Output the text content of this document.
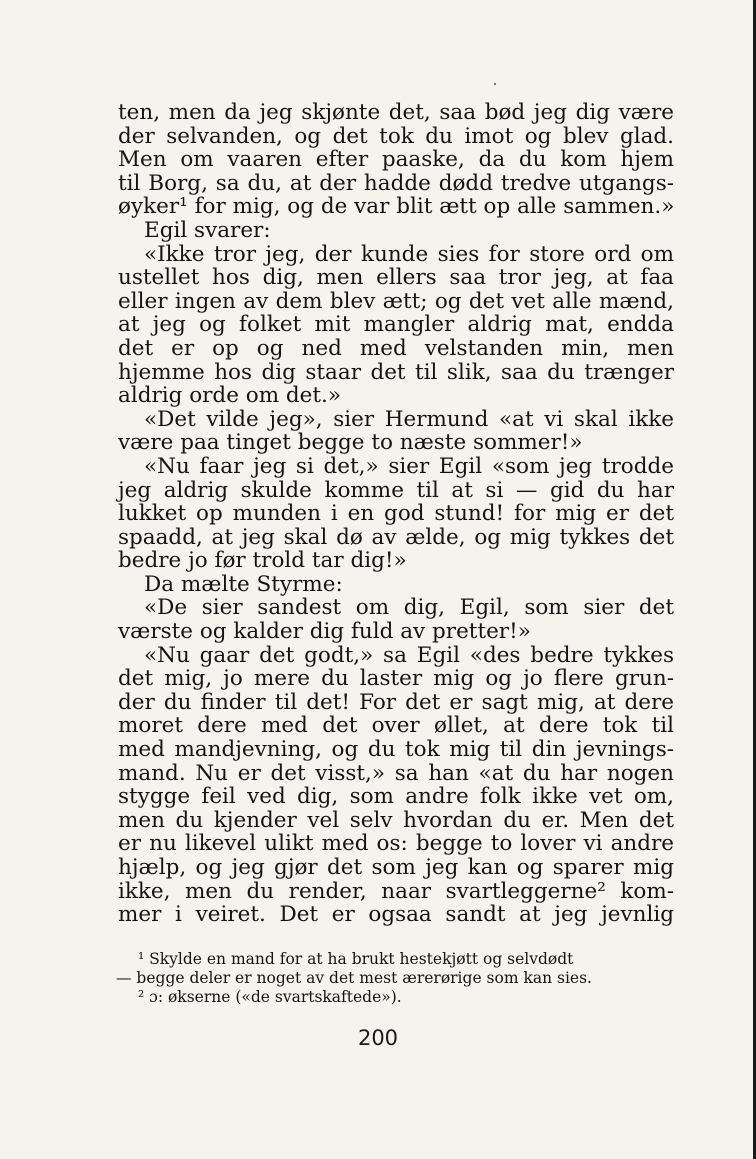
ten, men da jeg skjønte det, saa bød jeg dig være
der selvanden, og det tok du imot og blev glad.
Men om vaaren efter paaske, da du kom hjem
til Borg, sa du, at der hadde dødd tredve utgangs-
øyker¹ for mig, og de var blit ætt op alle sammen.»
Egil svarer:
«Ikke tror jeg, der kunde sies for store ord om
ustellet hos dig, men ellers saa tror jeg, at faa
eller ingen av dem blev ætt; og det vet alle mænd,
at jeg og folket mit mangler aldrig mat, endda
det er op og ned med velstanden min, men
hjemme hos dig staar det til slik, saa du trænger
aldrig orde om det.»
«Det vilde jeg», sier Hermund «at vi skal ikke
være paa tinget begge to næste sommer!»
«Nu faar jeg si det,» sier Egil «som jeg trodde
jeg aldrig skulde komme til at si — gid du har
lukket op munden i en god stund! for mig er det
spaadd, at jeg skal dø av ælde, og mig tykkes det
bedre jo før trold tar dig!»
Da mælte Styrme:
«De sier sandest om dig, Egil, som sier det
værste og kalder dig fuld av pretter!»
«Nu gaar det godt,» sa Egil «des bedre tykkes
det mig, jo mere du laster mig og jo flere grun-
der du finder til det! For det er sagt mig, at dere
moret dere med det over øllet, at dere tok til
med mandjevning, og du tok mig til din jevnings-
mand. Nu er det visst,» sa han «at du har nogen
stygge feil ved dig, som andre folk ikke vet om,
men du kjender vel selv hvordan du er. Men det
er nu likevel ulikt med os: begge to lover vi andre
hjælp, og jeg gjør det som jeg kan og sparer mig
ikke, men du render, naar svartleggerne² kom-
mer i veiret. Det er ogsaa sandt at jeg jevnlig
¹ Skylde en mand for at ha brukt hestekjøtt og selvdødt
— begge deler er noget av det mest ærerørige som kan sies.
² ɔ: økserne («de svartskaftede»).
200
